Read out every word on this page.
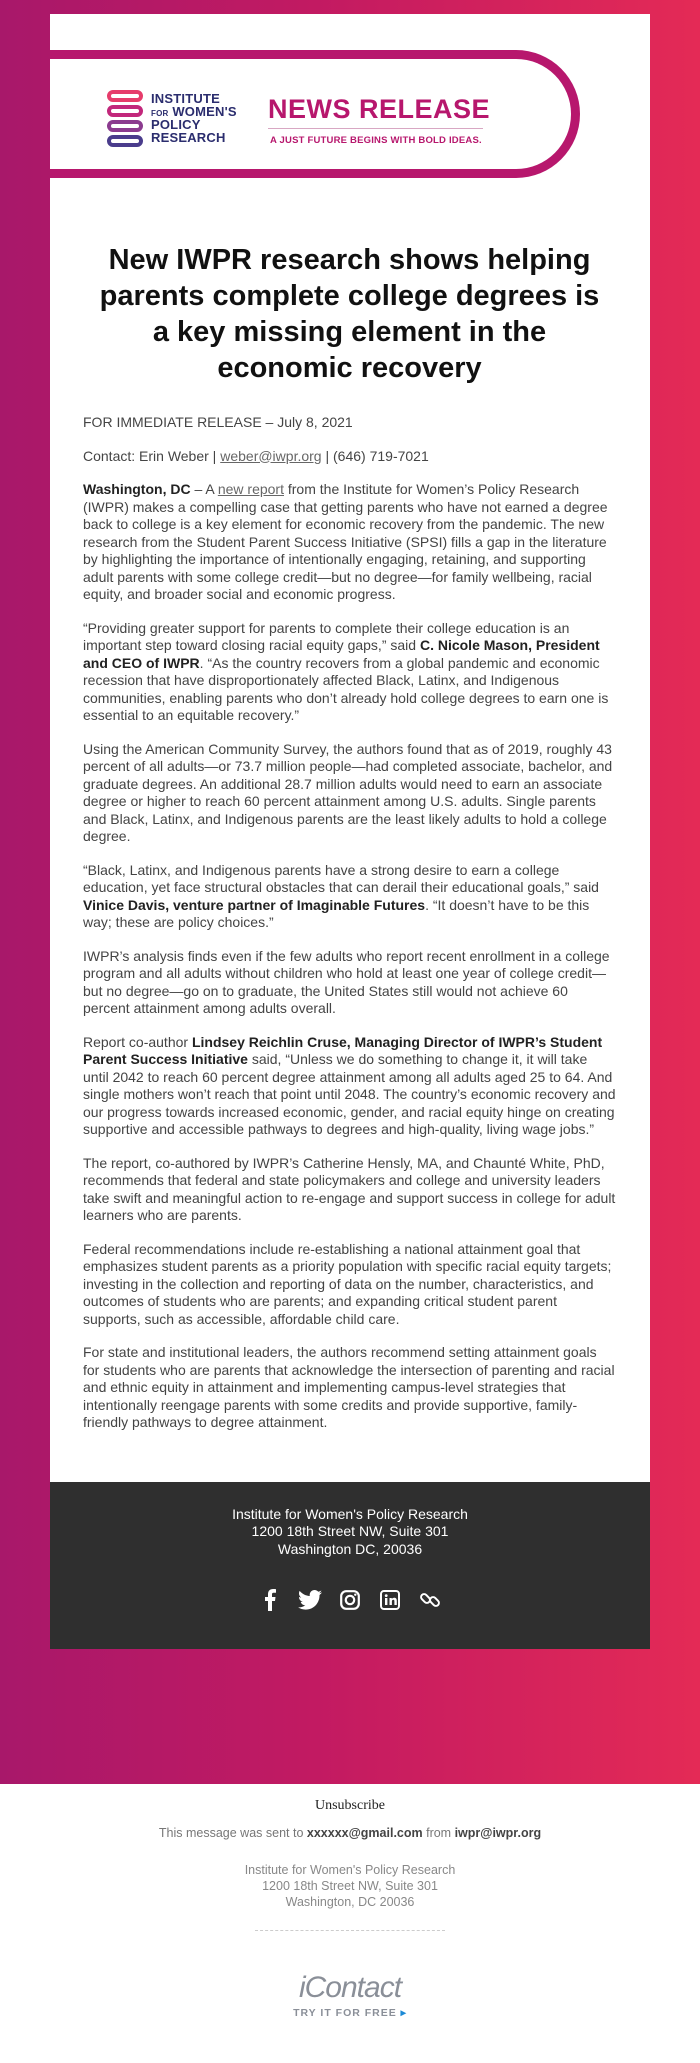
INSTITUTE
FOR WOMEN'S
POLICY
RESEARCH
NEWS RELEASE
A JUST FUTURE BEGINS WITH BOLD IDEAS.
New IWPR research shows helping parents complete college degrees is a key missing element in the economic recovery

FOR IMMEDIATE RELEASE – July 8, 2021

Contact: Erin Weber | weber@iwpr.org | (646) 719-7021

Washington, DC – A new report from the Institute for Women’s Policy Research (IWPR) makes a compelling case that getting parents who have not earned a degree back to college is a key element for economic recovery from the pandemic. The new research from the Student Parent Success Initiative (SPSI) fills a gap in the literature by highlighting the importance of intentionally engaging, retaining, and supporting adult parents with some college credit—but no degree—for family wellbeing, racial equity, and broader social and economic progress.

“Providing greater support for parents to complete their college education is an important step toward closing racial equity gaps,” said C. Nicole Mason, President and CEO of IWPR. “As the country recovers from a global pandemic and economic recession that have disproportionately affected Black, Latinx, and Indigenous communities, enabling parents who don’t already hold college degrees to earn one is essential to an equitable recovery.”

Using the American Community Survey, the authors found that as of 2019, roughly 43 percent of all adults—or 73.7 million people—had completed associate, bachelor, and graduate degrees. An additional 28.7 million adults would need to earn an associate degree or higher to reach 60 percent attainment among U.S. adults. Single parents and Black, Latinx, and Indigenous parents are the least likely adults to hold a college degree.

“Black, Latinx, and Indigenous parents have a strong desire to earn a college education, yet face structural obstacles that can derail their educational goals,” said Vinice Davis, venture partner of Imaginable Futures. “It doesn’t have to be this way; these are policy choices.”

IWPR’s analysis finds even if the few adults who report recent enrollment in a college program and all adults without children who hold at least one year of college credit—but no degree—go on to graduate, the United States still would not achieve 60 percent attainment among adults overall.

Report co-author Lindsey Reichlin Cruse, Managing Director of IWPR’s Student Parent Success Initiative said, “Unless we do something to change it, it will take until 2042 to reach 60 percent degree attainment among all adults aged 25 to 64. And single mothers won’t reach that point until 2048. The country’s economic recovery and our progress towards increased economic, gender, and racial equity hinge on creating supportive and accessible pathways to degrees and high-quality, living wage jobs.”

The report, co-authored by IWPR’s Catherine Hensly, MA, and Chaunté White, PhD, recommends that federal and state policymakers and college and university leaders take swift and meaningful action to re-engage and support success in college for adult learners who are parents.

Federal recommendations include re-establishing a national attainment goal that emphasizes student parents as a priority population with specific racial equity targets; investing in the collection and reporting of data on the number, characteristics, and outcomes of students who are parents; and expanding critical student parent supports, such as accessible, affordable child care.

For state and institutional leaders, the authors recommend setting attainment goals for students who are parents that acknowledge the intersection of parenting and racial and ethnic equity in attainment and implementing campus-level strategies that intentionally reengage parents with some credits and provide supportive, family-friendly pathways to degree attainment.

Institute for Women's Policy Research
1200 18th Street NW, Suite 301
Washington DC, 20036
Unsubscribe
This message was sent to xxxxxx@gmail.com from iwpr@iwpr.org
Institute for Women's Policy Research
1200 18th Street NW, Suite 301
Washington, DC 20036
iContact
TRY IT FOR FREE ▸
